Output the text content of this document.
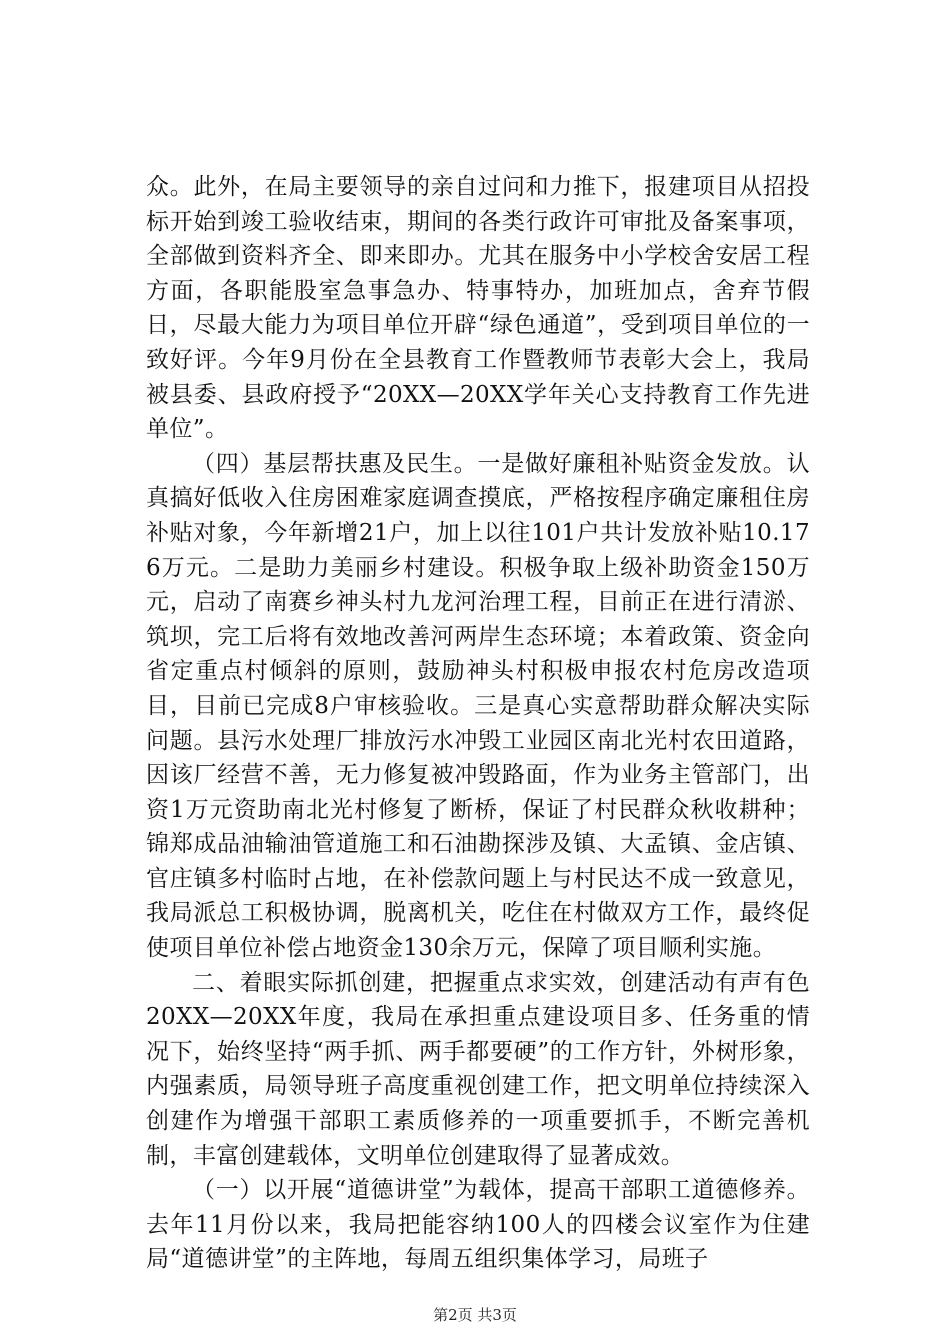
众。此外，在局主要领导的亲自过问和力推下，报建项目从招投标开始到竣工验收结束，期间的各类行政许可审批及备案事项，全部做到资料齐全、即来即办。尤其在服务中小学校舍安居工程方面，各职能股室急事急办、特事特办，加班加点，舍弃节假日，尽最大能力为项目单位开辟“绿色通道”，受到项目单位的一致好评。今年9月份在全县教育工作暨教师节表彰大会上，我局被县委、县政府授予“20XX—20XX学年关心支持教育工作先进单位”。

（四）基层帮扶惠及民生。一是做好廉租补贴资金发放。认真搞好低收入住房困难家庭调查摸底，严格按程序确定廉租住房补贴对象，今年新增21户，加上以往101户共计发放补贴10.176万元。二是助力美丽乡村建设。积极争取上级补助资金150万元，启动了南赛乡神头村九龙河治理工程，目前正在进行清淤、筑坝，完工后将有效地改善河两岸生态环境；本着政策、资金向省定重点村倾斜的原则，鼓励神头村积极申报农村危房改造项目，目前已完成8户审核验收。三是真心实意帮助群众解决实际问题。县污水处理厂排放污水冲毁工业园区南北光村农田道路，因该厂经营不善，无力修复被冲毁路面，作为业务主管部门，出资1万元资助南北光村修复了断桥，保证了村民群众秋收耕种；锦郑成品油输油管道施工和石油勘探涉及镇、大孟镇、金店镇、官庄镇多村临时占地，在补偿款问题上与村民达不成一致意见，我局派总工积极协调，脱离机关，吃住在村做双方工作，最终促使项目单位补偿占地资金130余万元，保障了项目顺利实施。

二、着眼实际抓创建，把握重点求实效，创建活动有声有色20XX—20XX年度，我局在承担重点建设项目多、任务重的情况下，始终坚持“两手抓、两手都要硬”的工作方针，外树形象，内强素质，局领导班子高度重视创建工作，把文明单位持续深入创建作为增强干部职工素质修养的一项重要抓手，不断完善机制，丰富创建载体，文明单位创建取得了显著成效。

（一）以开展“道德讲堂”为载体，提高干部职工道德修养。去年11月份以来，我局把能容纳100人的四楼会议室作为住建局“道德讲堂”的主阵地，每周五组织集体学习，局班子

第2页 共3页
